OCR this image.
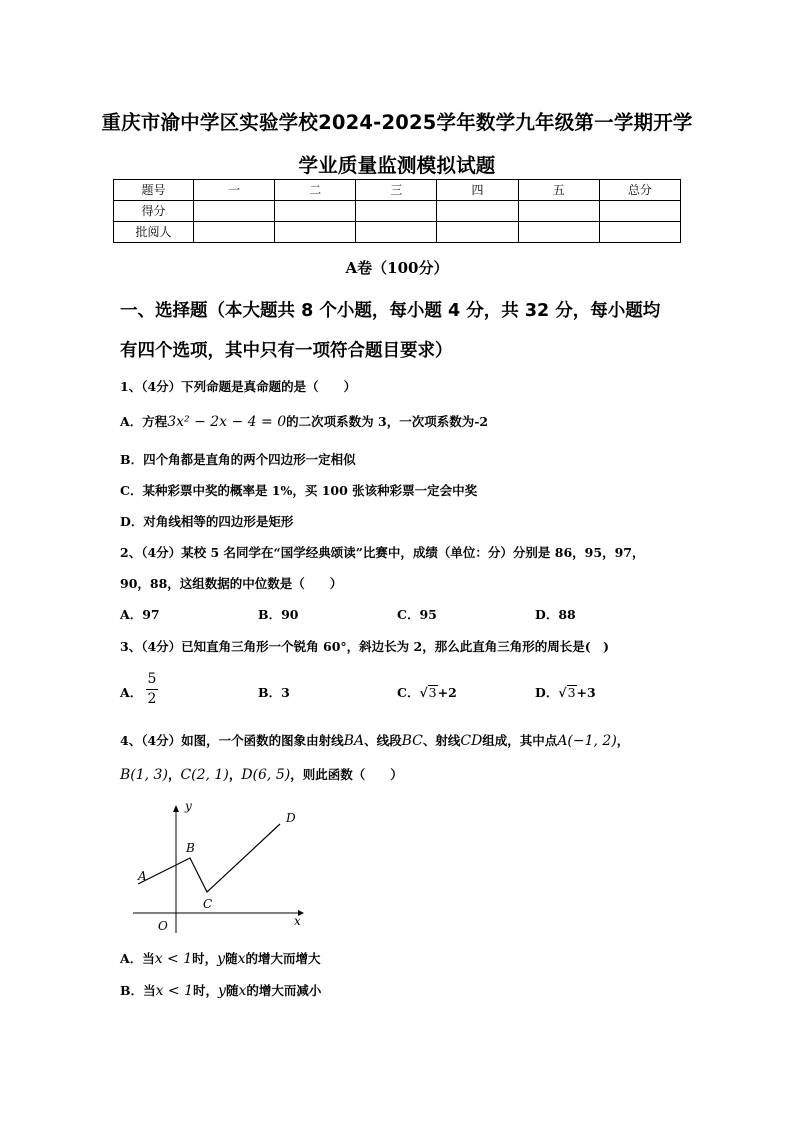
重庆市渝中学区实验学校2024-2025学年数学九年级第一学期开学
学业质量监测模拟试题
题号	一	二	三	四	五	总分
得分						
批阅人						
A卷（100分）
一、选择题（本大题共 8 个小题，每小题 4 分，共 32 分，每小题均
有四个选项，其中只有一项符合题目要求）
1、（4分）下列命题是真命题的是（　　）
A．方程3x² − 2x − 4 = 0的二次项系数为 3，一次项系数为-2
B．四个角都是直角的两个四边形一定相似
C．某种彩票中奖的概率是 1%，买 100 张该种彩票一定会中奖
D．对角线相等的四边形是矩形
2、（4分）某校 5 名同学在“国学经典颂读”比赛中，成绩（单位：分）分别是 86，95，97，
90，88，这组数据的中位数是（　　）
A．97	B．90	C．95	D．88
3、（4分）已知直角三角形一个锐角 60°，斜边长为 2，那么此直角三角形的周长是(　)
A．
5
2	B．3	C．√3+2	D．√3+3
4、（4分）如图，一个函数的图象由射线BA、线段BC、射线CD组成，其中点A(−1, 2)，
B(1, 3)，C(2, 1)，D(6, 5)，则此函数（　　）
y
x
O
A
B
C
D
A．当x < 1时，y随x的增大而增大
B．当x < 1时，y随x的增大而减小
